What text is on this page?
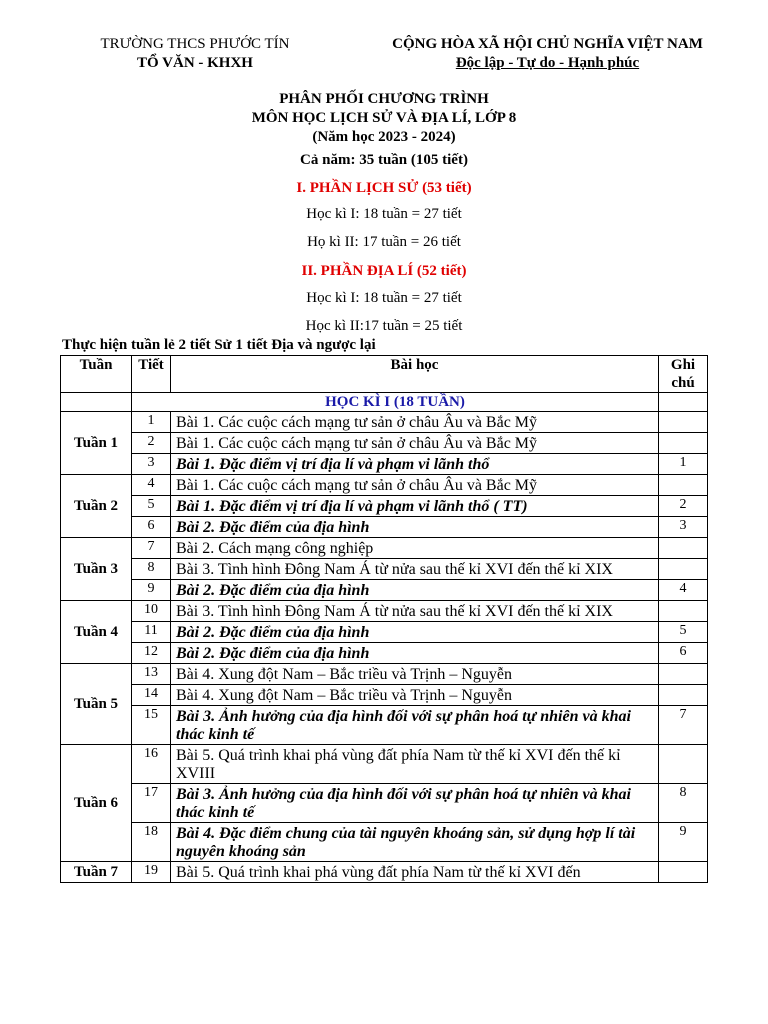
TRƯỜNG THCS PHƯỚC TÍN
TỔ VĂN - KHXH
CỘNG HÒA XÃ HỘI CHỦ NGHĨA VIỆT NAM
Độc lập - Tự do - Hạnh phúc
PHÂN PHỐI CHƯƠNG TRÌNH
MÔN HỌC LỊCH SỬ VÀ ĐỊA LÍ, LỚP 8
(Năm học 2023 - 2024)
Cả năm: 35 tuần (105 tiết)
I. PHẦN LỊCH SỬ (53 tiết)
Học kì I: 18 tuần = 27 tiết
Họ kì II: 17 tuần = 26 tiết
II. PHẦN ĐỊA LÍ (52 tiết)
Học kì I: 18 tuần = 27 tiết
Học kì II:17 tuần = 25 tiết
Thực hiện tuần lẻ 2 tiết Sử 1 tiết Địa và ngược lại
Tuần	Tiết	Bài học	Ghi chú
	HỌC KÌ I (18 TUẦN)		
Tuần 1	1	Bài 1. Các cuộc cách mạng tư sản ở châu Âu và Bắc Mỹ	
	2	Bài 1. Các cuộc cách mạng tư sản ở châu Âu và Bắc Mỹ	
	3	Bài 1. Đặc điểm vị trí địa lí và phạm vi lãnh thổ	1
Tuần 2	4	Bài 1. Các cuộc cách mạng tư sản ở châu Âu và Bắc Mỹ	
	5	Bài 1. Đặc điểm vị trí địa lí và phạm vi lãnh thổ ( TT)	2
	6	Bài 2. Đặc điểm của địa hình	3
Tuần 3	7	Bài 2. Cách mạng công nghiệp	
	8	Bài 3. Tình hình Đông Nam Á từ nửa sau thế kỉ XVI đến thế kỉ XIX	
	9	Bài 2. Đặc điểm của địa hình	4
Tuần 4	10	Bài 3. Tình hình Đông Nam Á từ nửa sau thế kỉ XVI đến thế kỉ XIX	
	11	Bài 2. Đặc điểm của địa hình	5
	12	Bài 2. Đặc điểm của địa hình	6
Tuần 5	13	Bài 4. Xung đột Nam – Bắc triều và Trịnh – Nguyễn	
	14	Bài 4. Xung đột Nam – Bắc triều và Trịnh – Nguyễn	
	15	Bài 3. Ảnh hưởng của địa hình đối với sự phân hoá tự nhiên và khai thác kinh tế	7
Tuần 6	16	Bài 5. Quá trình khai phá vùng đất phía Nam từ thế kỉ XVI đến thế kỉ XVIII	
	17	Bài 3. Ảnh hưởng của địa hình đối với sự phân hoá tự nhiên và khai thác kinh tế	8
	18	Bài 4. Đặc điểm chung của tài nguyên khoáng sản, sử dụng hợp lí tài nguyên khoáng sản	9
Tuần 7	19	Bài 5. Quá trình khai phá vùng đất phía Nam từ thế kỉ XVI đến	
